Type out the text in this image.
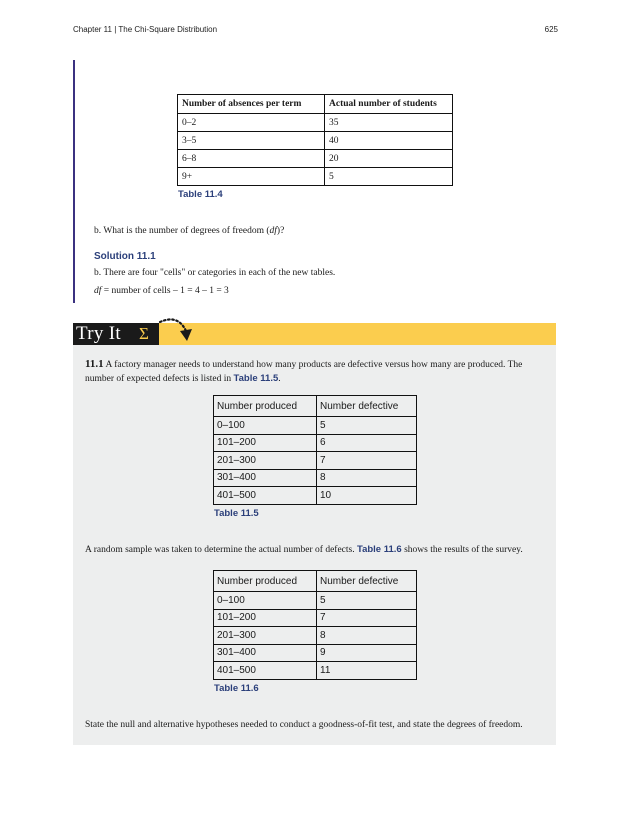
Chapter 11 | The Chi-Square Distribution	625
Number of absences per term	Actual number of students
0–2	35
3–5	40
6–8	20
9+	5
Table 11.4
b. What is the number of degrees of freedom (df)?
Solution 11.1
b. There are four "cells" or categories in each of the new tables.
df = number of cells – 1 = 4 – 1 = 3
Try It	Σ
11.1 A factory manager needs to understand how many products are defective versus how many are produced. The number of expected defects is listed in Table 11.5.
Number produced	Number defective
0–100	5
101–200	6
201–300	7
301–400	8
401–500	10
Table 11.5
A random sample was taken to determine the actual number of defects. Table 11.6 shows the results of the survey.
Number produced	Number defective
0–100	5
101–200	7
201–300	8
301–400	9
401–500	11
Table 11.6
State the null and alternative hypotheses needed to conduct a goodness-of-fit test, and state the degrees of freedom.
